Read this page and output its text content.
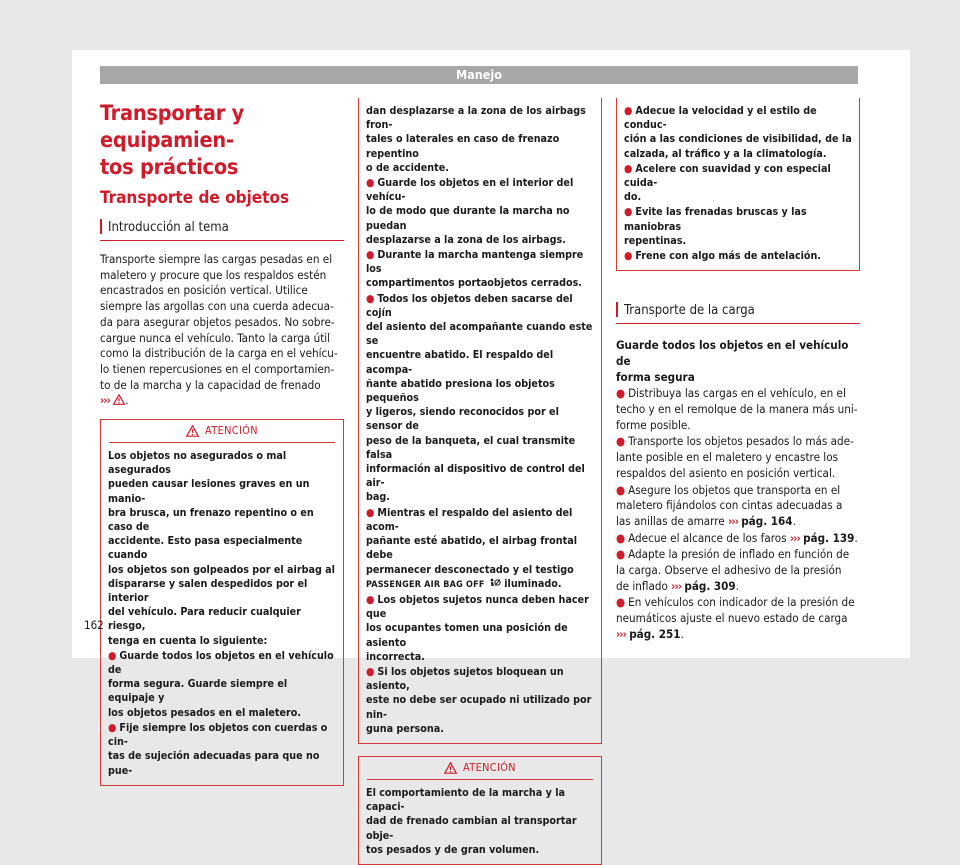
Manejo
Transportar y equipamien-
tos prácticos
Transporte de objetos
Introducción al tema

Transporte siempre las cargas pesadas en el
maletero y procure que los respaldos estén
encastrados en posición vertical. Utilice
siempre las argollas con una cuerda adecua-
da para asegurar objetos pesados. No sobre-
cargue nunca el vehículo. Tanto la carga útil
como la distribución de la carga en el vehícu-
lo tienen repercusiones en el comportamien-
to de la marcha y la capacidad de frenado
››› .

ATENCIÓN
Los objetos no asegurados o mal asegurados
pueden causar lesiones graves en un manio-
bra brusca, un frenazo repentino o en caso de
accidente. Esto pasa especialmente cuando
los objetos son golpeados por el airbag al
dispararse y salen despedidos por el interior
del vehículo. Para reducir cualquier riesgo,
tenga en cuenta lo siguiente:
● Guarde todos los objetos en el vehículo de
forma segura. Guarde siempre el equipaje y
los objetos pesados en el maletero.
● Fije siempre los objetos con cuerdas o cin-
tas de sujeción adecuadas para que no pue-
dan desplazarse a la zona de los airbags fron-
tales o laterales en caso de frenazo repentino
o de accidente.
● Guarde los objetos en el interior del vehícu-
lo de modo que durante la marcha no puedan
desplazarse a la zona de los airbags.
● Durante la marcha mantenga siempre los
compartimentos portaobjetos cerrados.
● Todos los objetos deben sacarse del cojín
del asiento del acompañante cuando este se
encuentre abatido. El respaldo del acompa-
ñante abatido presiona los objetos pequeños
y ligeros, siendo reconocidos por el sensor de
peso de la banqueta, el cual transmite falsa
información al dispositivo de control del air-
bag.
● Mientras el respaldo del asiento del acom-
pañante esté abatido, el airbag frontal debe
permanecer desconectado y el testigo
PASSENGER AIR BAG OFF  iluminado.
● Los objetos sujetos nunca deben hacer que
los ocupantes tomen una posición de asiento
incorrecta.
● Si los objetos sujetos bloquean un asiento,
este no debe ser ocupado ni utilizado por nin-
guna persona.
ATENCIÓN
El comportamiento de la marcha y la capaci-
dad de frenado cambian al transportar obje-
tos pesados y de gran volumen.
● Adecue la velocidad y el estilo de conduc-
ción a las condiciones de visibilidad, de la
calzada, al tráfico y a la climatología.
● Acelere con suavidad y con especial cuida-
do.
● Evite las frenadas bruscas y las maniobras
repentinas.
● Frene con algo más de antelación.
Transporte de la carga

Guarde todos los objetos en el vehículo de
forma segura

● Distribuya las cargas en el vehículo, en el
techo y en el remolque de la manera más uni-
forme posible.
● Transporte los objetos pesados lo más ade-
lante posible en el maletero y encastre los
respaldos del asiento en posición vertical.
● Asegure los objetos que transporta en el
maletero fijándolos con cintas adecuadas a
las anillas de amarre ››› pág. 164.
● Adecue el alcance de los faros ››› pág. 139.
● Adapte la presión de inflado en función de
la carga. Observe el adhesivo de la presión
de inflado ››› pág. 309.
● En vehículos con indicador de la presión de
neumáticos ajuste el nuevo estado de carga
››› pág. 251.
162
